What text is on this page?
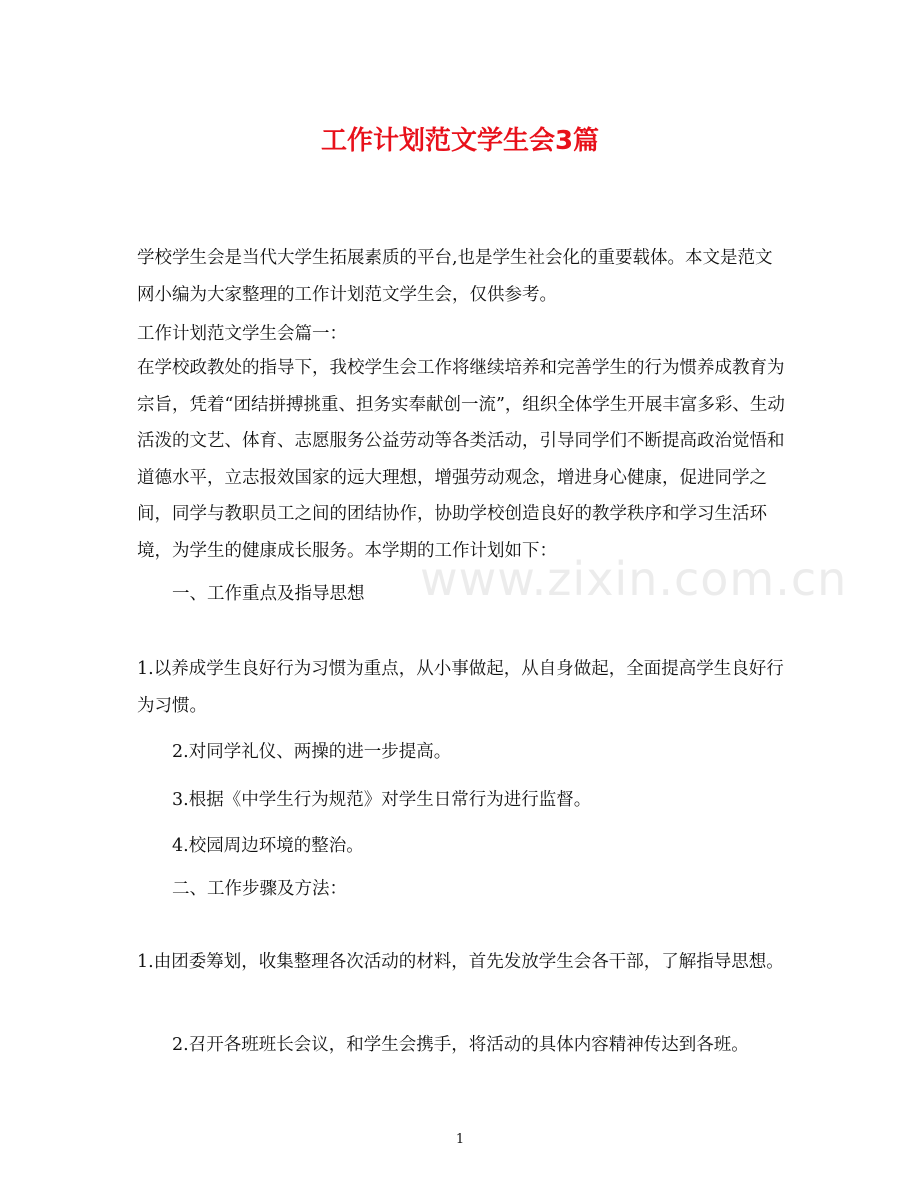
工作计划范文学生会3篇
www.zixin.com.cn

学校学生会是当代大学生拓展素质的平台,也是学生社会化的重要载体。本文是范文网小编为大家整理的工作计划范文学生会，仅供参考。

工作计划范文学生会篇一：

在学校政教处的指导下，我校学生会工作将继续培养和完善学生的行为惯养成教育为宗旨，凭着“团结拼搏挑重、担务实奉献创一流”，组织全体学生开展丰富多彩、生动活泼的文艺、体育、志愿服务公益劳动等各类活动，引导同学们不断提高政治觉悟和道德水平，立志报效国家的远大理想，增强劳动观念，增进身心健康，促进同学之间，同学与教职员工之间的团结协作，协助学校创造良好的教学秩序和学习生活环境，为学生的健康成长服务。本学期的工作计划如下：

一、工作重点及指导思想

1.以养成学生良好行为习惯为重点，从小事做起，从自身做起，全面提高学生良好行为习惯。

2.对同学礼仪、两操的进一步提高。

3.根据《中学生行为规范》对学生日常行为进行监督。

4.校园周边环境的整治。

二、工作步骤及方法：

1.由团委筹划，收集整理各次活动的材料，首先发放学生会各干部，了解指导思想。

2.召开各班班长会议，和学生会携手，将活动的具体内容精神传达到各班。

1
